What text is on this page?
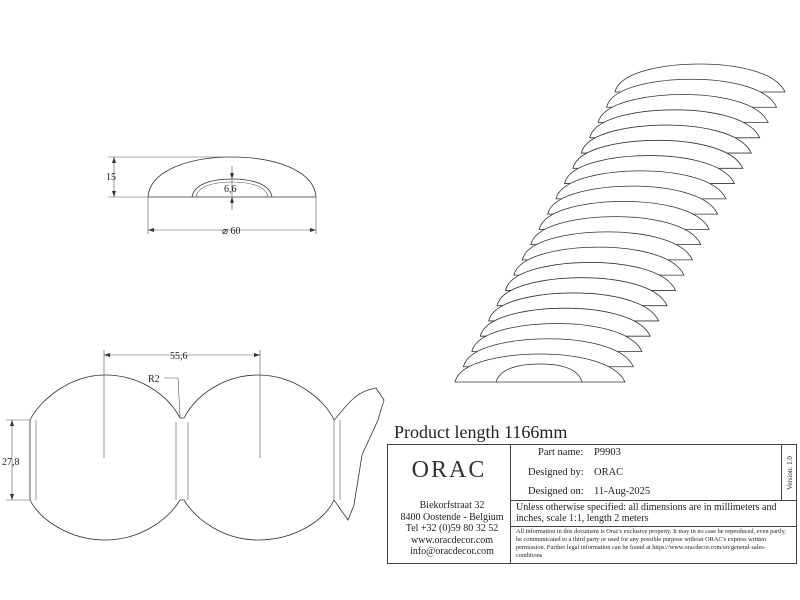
15
6,6
⌀ 60
55,6
R2
27,8
Product length 1166mm
ORAC
Biekorfstraat 32
8400 Oostende - Belgium
Tel +32 (0)59 80 32 52
www.oracdecor.com
info@oracdecor.com
Part name: P9903
Designed by: ORAC
Designed on: 11-Aug-2025
Version: 1.0
Unless otherwise specified: all dimensions are in millimeters and inches, scale 1:1, length 2 meters
All information in this document is Orac's exclusive property. It may in no case be reproduced, even partly, be communicated to a third party or used for any possible purpose without ORAC's express written permission. Further legal information can be found at https://www.oracdecor.com/en/general-sales-conditions
